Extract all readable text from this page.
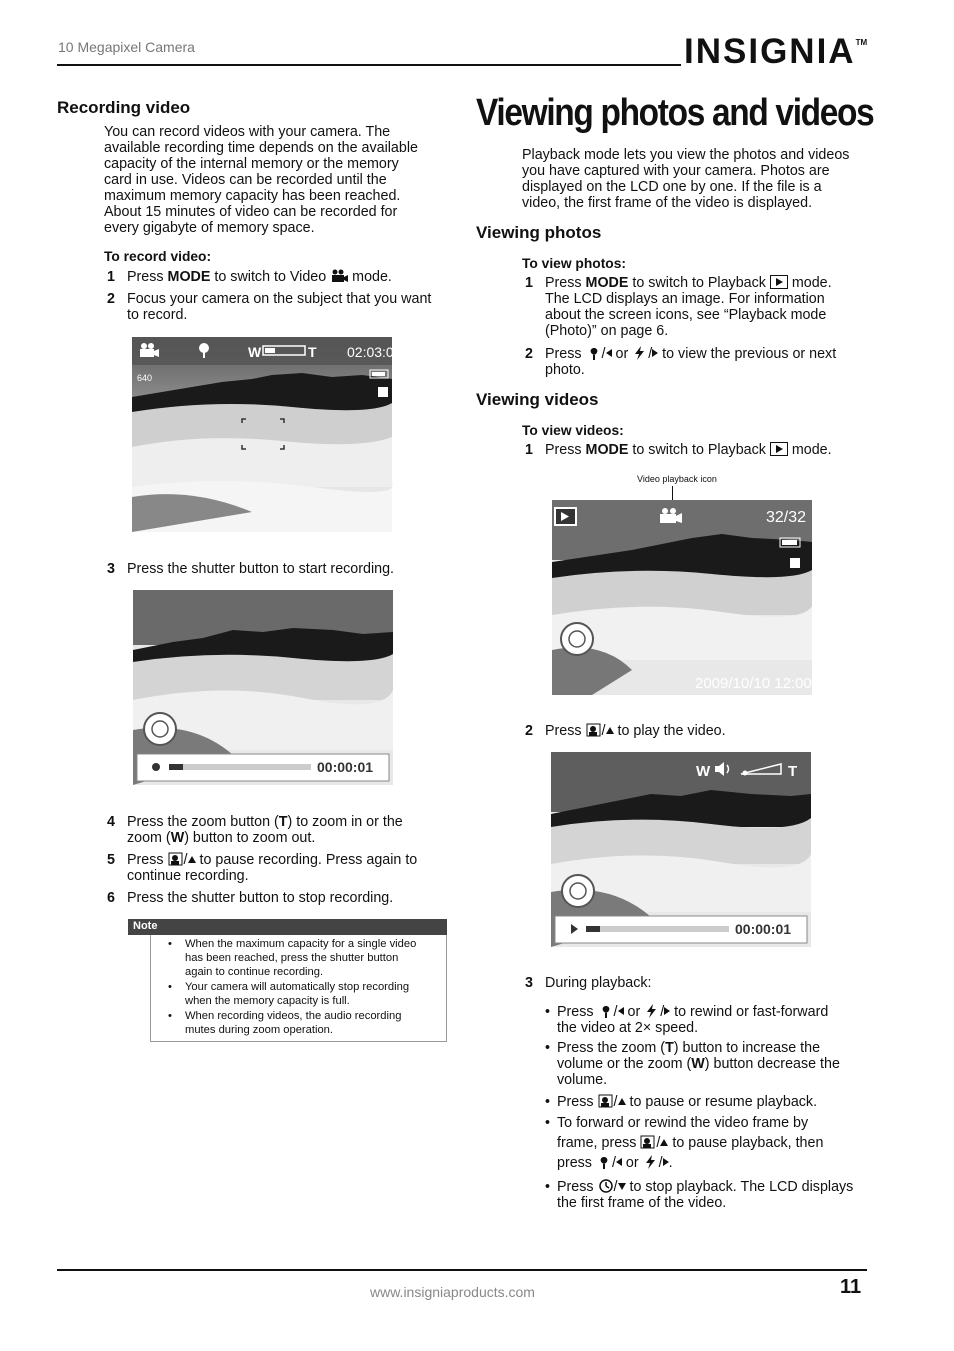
10 Megapixel Camera	INSIGNIA™
Recording video
You can record videos with your camera. The
available recording time depends on the available
capacity of the internal memory or the memory
card in use. Videos can be recorded until the
maximum memory capacity has been reached.
About 15 minutes of video can be recorded for
every gigabyte of memory space.
To record video:
1 Press MODE to switch to Video  mode.
2 Focus your camera on the subject that you want
to record.
W	T 02:03:04
640
3 Press the shutter button to start recording.
00:00:01
4 Press the zoom button (T) to zoom in or the
zoom (W) button to zoom out.
5 Press / to pause recording. Press again to
continue recording.
6 Press the shutter button to stop recording.
Note
• When the maximum capacity for a single video
has been reached, press the shutter button
again to continue recording.
• Your camera will automatically stop recording
when the memory capacity is full.
• When recording videos, the audio recording
mutes during zoom operation.
Viewing photos and videos
Playback mode lets you view the photos and videos
you have captured with your camera. Photos are
displayed on the LCD one by one. If the file is a
video, the first frame of the video is displayed.
Viewing photos
To view photos:
1 Press MODE to switch to Playback  mode.
The LCD displays an image. For information
about the screen icons, see “Playback mode
(Photo)” on page 6.
2 Press / or / to view the previous or next
photo.
Viewing videos
To view videos:
1 Press MODE to switch to Playback  mode.
Video playback icon
32/32
2009/10/10 12:00
2 Press / to play the video.
W	T
00:00:01
3 During playback:
• Press / or / to rewind or fast-forward
the video at 2× speed.
• Press the zoom (T) button to increase the
volume or the zoom (W) button decrease the
volume.
• Press / to pause or resume playback.
• To forward or rewind the video frame by
frame, press / to pause playback, then
press / or / .
• Press / to stop playback. The LCD displays
the first frame of the video.
www.insigniaproducts.com	11
